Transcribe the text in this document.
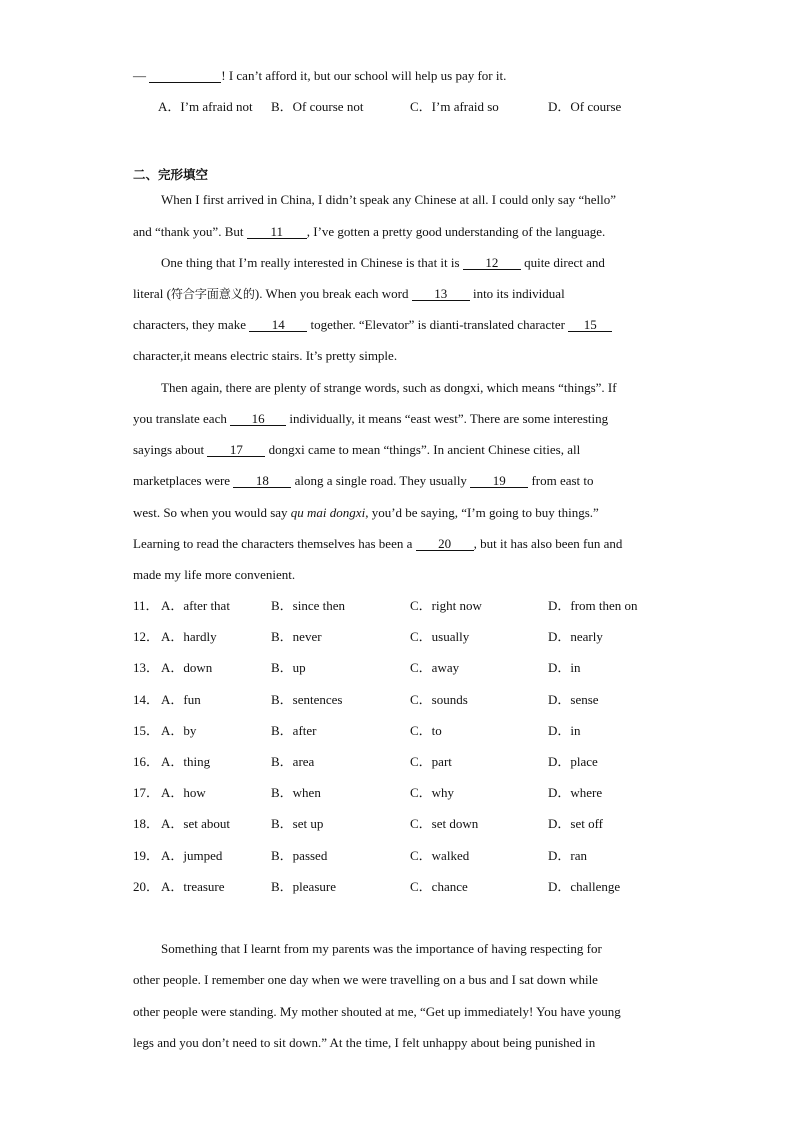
—	! I can’t afford it, but our school will help us pay for it.
A．I’m afraid not B．Of course not	C．I’m afraid so	D．Of course
二、完形填空
When I first arrived in China, I didn’t speak any Chinese at all. I could only say “hello”
and “thank you”. But 11 , I’ve gotten a pretty good understanding of the language.
One thing that I’m really interested in Chinese is that it is 12 quite direct and
literal (符合字面意义的). When you break each word 13 into its individual
characters, they make 14 together. “Elevator” is dianti-translated character 15
character,it means electric stairs. It’s pretty simple.
Then again, there are plenty of strange words, such as dongxi, which means “things”. If
you translate each 16 individually, it means “east west”. There are some interesting
sayings about 17 dongxi came to mean “things”. In ancient Chinese cities, all
marketplaces were 18 along a single road. They usually 19 from east to
west. So when you would say qu mai dongxi, you’d be saying, “I’m going to buy things.”
Learning to read the characters themselves has been a 20 , but it has also been fun and
made my life more convenient.
11． A．after that	B．since then	C．right now	D．from then on
12． A．hardly	B．never	C．usually	D．nearly
13． A．down	B．up	C．away	D．in
14． A．fun	B．sentences	C．sounds	D．sense
15． A．by	B．after	C．to	D．in
16． A．thing	B．area	C．part	D．place
17． A．how	B．when	C．why	D．where
18． A．set about	B．set up	C．set down	D．set off
19． A．jumped	B．passed	C．walked	D．ran
20． A．treasure	B．pleasure	C．chance	D．challenge
Something that I learnt from my parents was the importance of having respecting for
other people. I remember one day when we were travelling on a bus and I sat down while
other people were standing. My mother shouted at me, “Get up immediately! You have young
legs and you don’t need to sit down.” At the time, I felt unhappy about being punished in
